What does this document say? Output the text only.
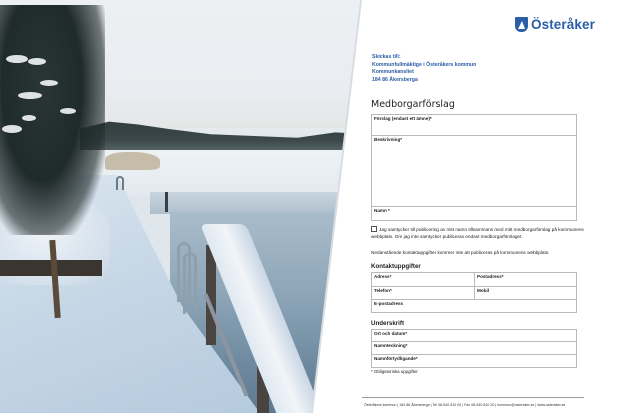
Österåker
Skickas till:
Kommunfullmäktige i Österåkers kommun
Kommunkansliet
184 86 Åkersberga
Medborgarförslag
Förslag (endast ett ämne)*
Beskrivning*
Namn *
Jag samtycker till publicering av mitt namn tillsammans med mitt medborgarförslag på kommunens webbplats. Om jag inte samtycker publiceras endast medborgarförslaget.
Nedanstående kontaktuppgifter kommer inte att publiceras på kommunens webbplats.
Kontaktuppgifter
Adress*	Postadress*
Telefon*	Mobil
E-postadress
Underskrift
Ort och datum*
Namnteckning*
Namnförtydligande*
* Obligatoriska uppgifter
Österåkers kommun | 184 86 Åkersberga | Tel 08-540 810 00 | Fax 08-540 810 20 | kommun@osteraker.se | www.osteraker.se
